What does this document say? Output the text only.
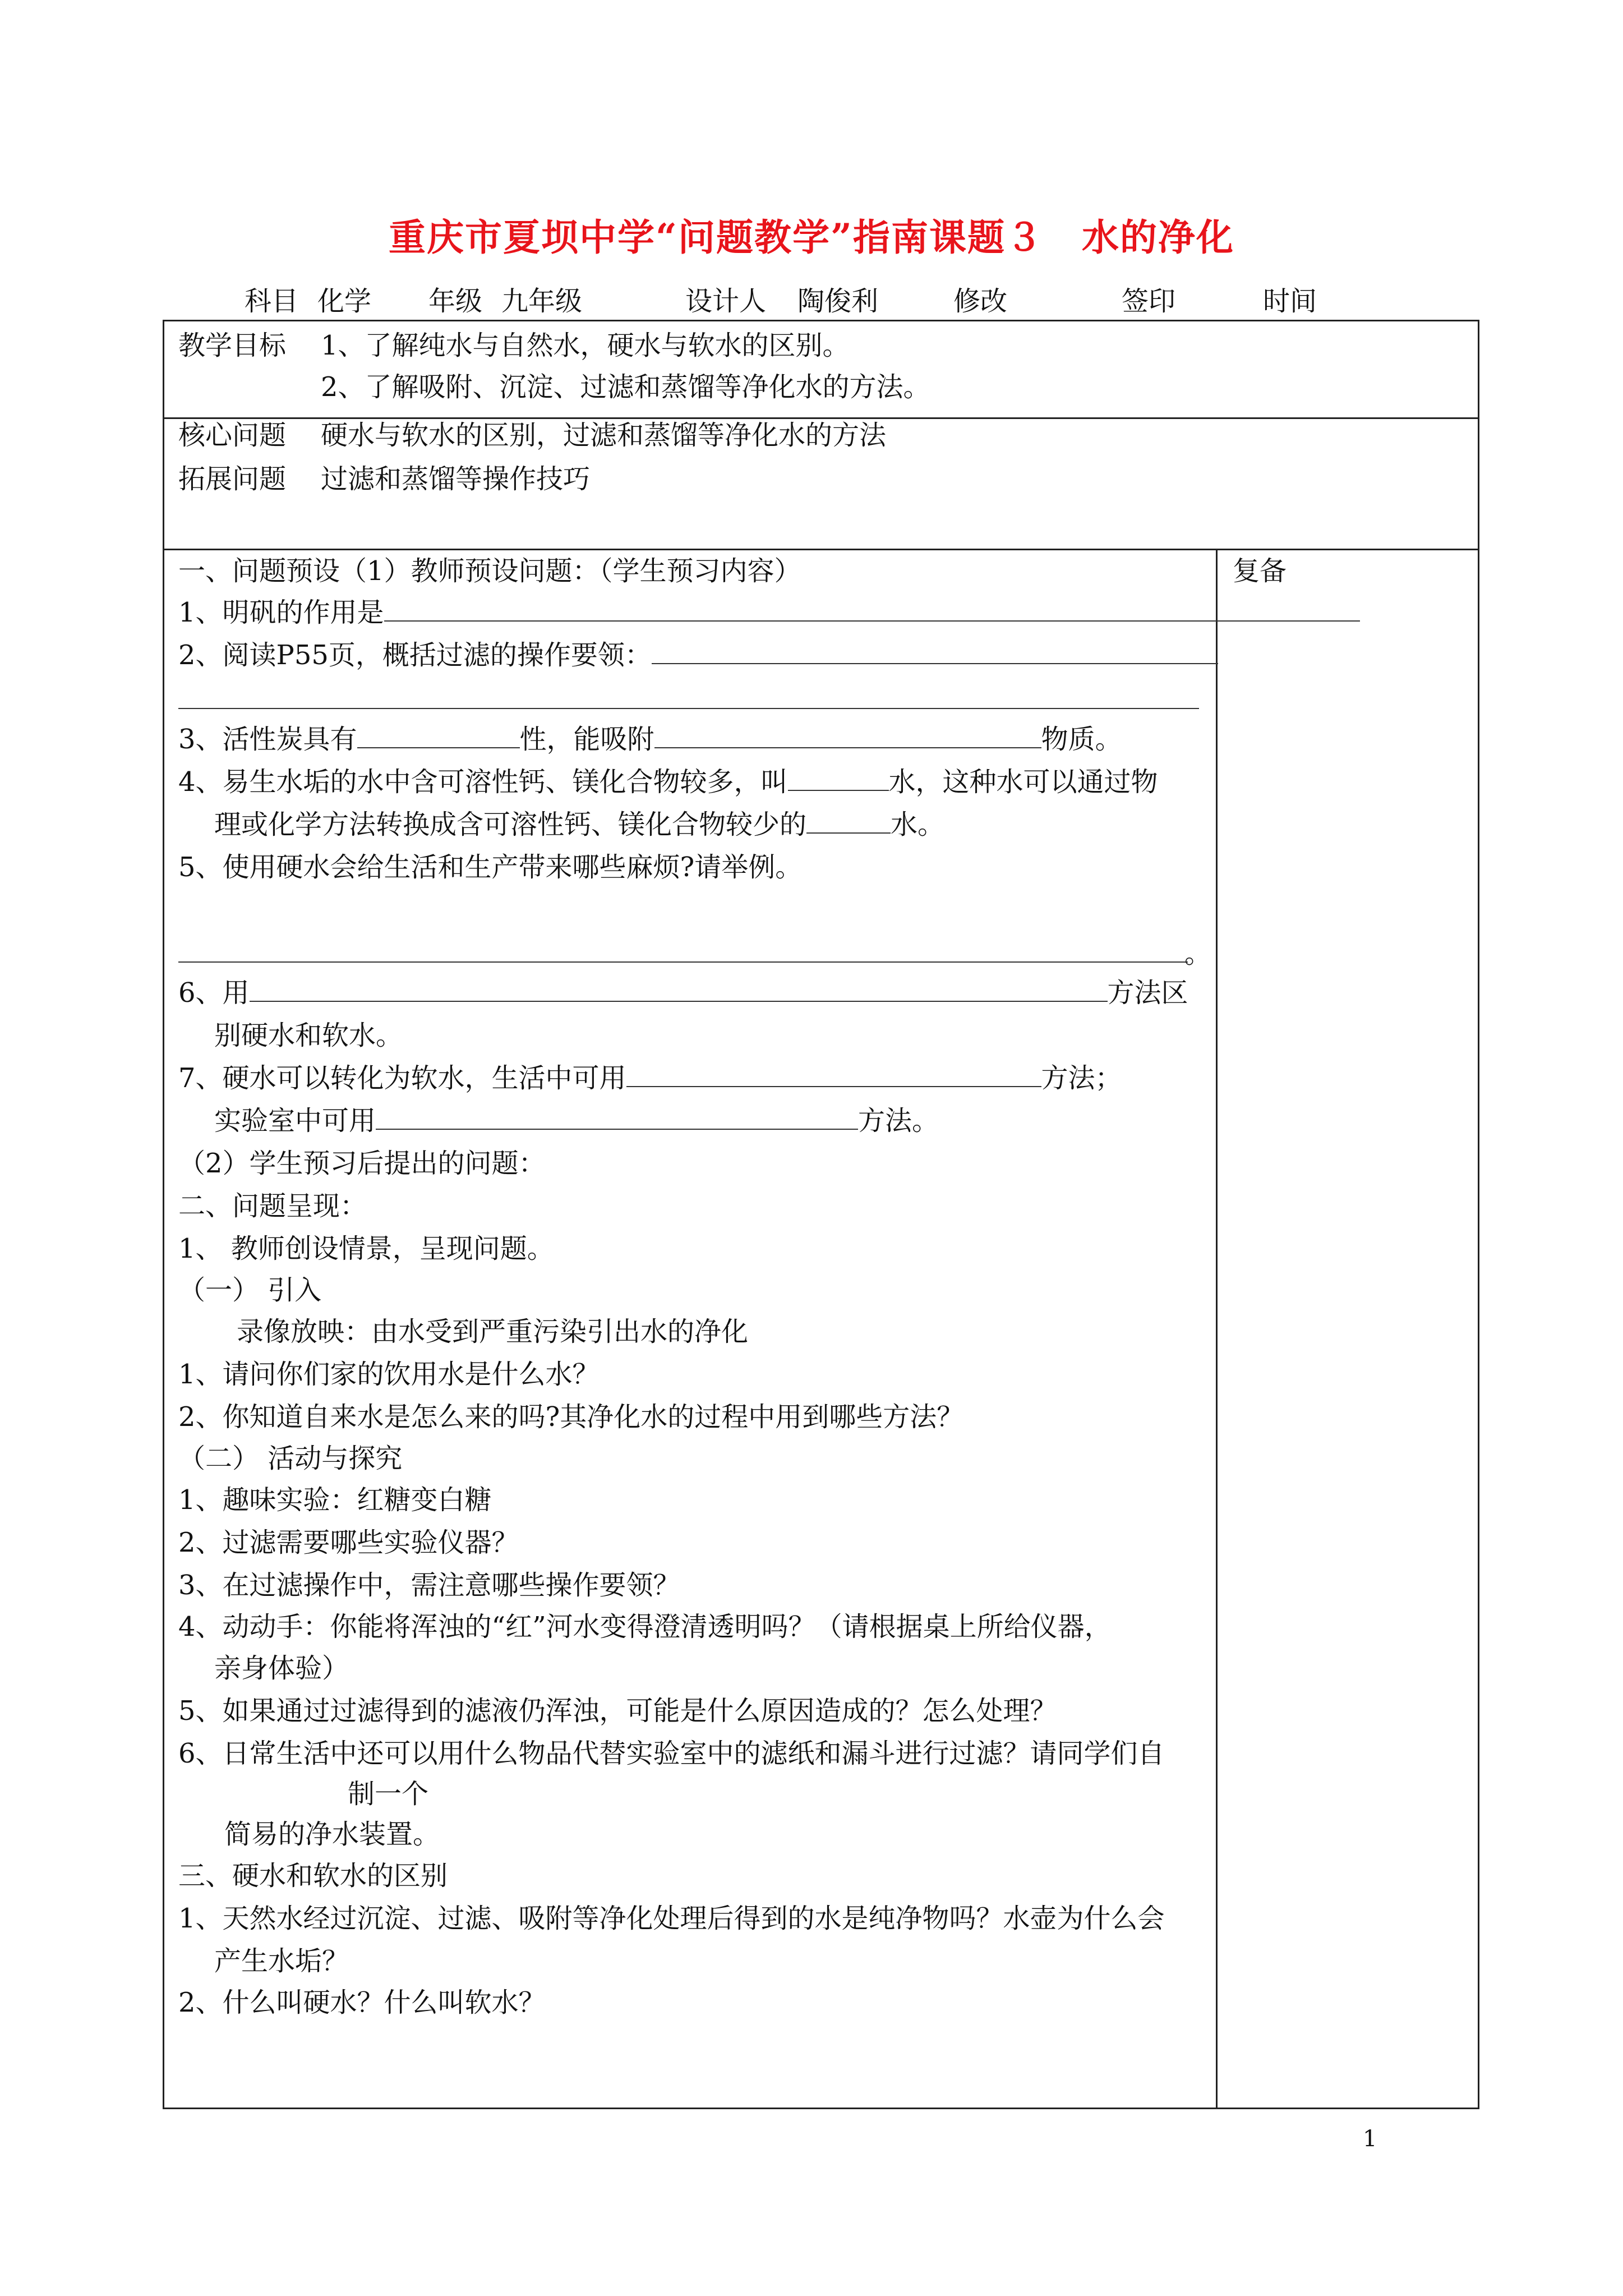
重庆市夏坝中学“问题教学”指南课题３　水的净化
科目 化学 年级 九年级	设计人 陶俊利	修改	签印	时间
教学目标 1、了解纯水与自然水，硬水与软水的区别。
2、了解吸附、沉淀、过滤和蒸馏等净化水的方法。
核心问题 硬水与软水的区别，过滤和蒸馏等净化水的方法
拓展问题 过滤和蒸馏等操作技巧
复备
一、问题预设（1）教师预设问题：（学生预习内容）
1、明矾的作用是
2、阅读P55页，概括过滤的操作要领：
3、活性炭具有	性，能吸附	物质。
4、易生水垢的水中含可溶性钙、镁化合物较多，叫	水，这种水可以通过物
理或化学方法转换成含可溶性钙、镁化合物较少的	水。
5、使用硬水会给生活和生产带来哪些麻烦?请举例。
。
6、用	方法区
别硬水和软水。
7、硬水可以转化为软水，生活中可用	方法；
实验室中可用	方法。
（2）学生预习后提出的问题：
二、问题呈现：
1、 教师创设情景，呈现问题。
（一） 引入
录像放映：由水受到严重污染引出水的净化
1、请问你们家的饮用水是什么水？
2、你知道自来水是怎么来的吗?其净化水的过程中用到哪些方法？
（二） 活动与探究
1、趣味实验：红糖变白糖
2、过滤需要哪些实验仪器？
3、在过滤操作中，需注意哪些操作要领？
4、动动手：你能将浑浊的“红”河水变得澄清透明吗？（请根据桌上所给仪器，
亲身体验）
5、如果通过过滤得到的滤液仍浑浊，可能是什么原因造成的？怎么处理？
6、日常生活中还可以用什么物品代替实验室中的滤纸和漏斗进行过滤？请同学们自
制一个
简易的净水装置。
三、硬水和软水的区别
1、天然水经过沉淀、过滤、吸附等净化处理后得到的水是纯净物吗？水壶为什么会
产生水垢？
2、什么叫硬水？什么叫软水？
1
